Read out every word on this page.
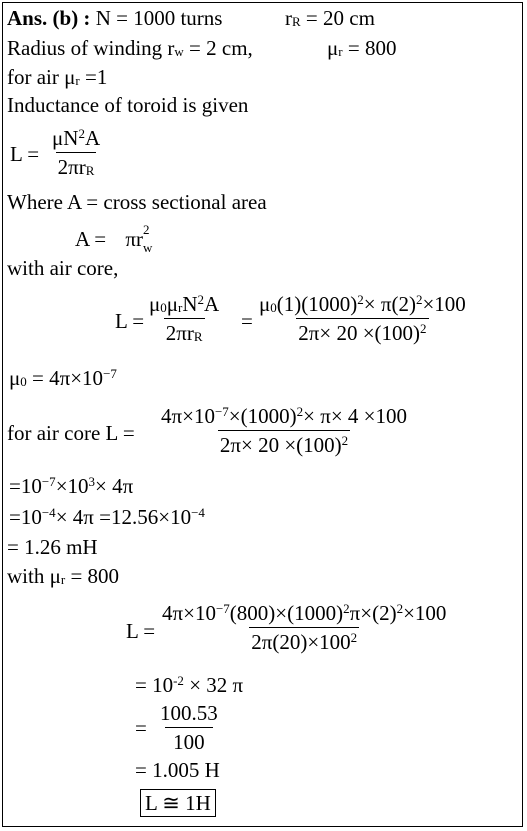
Ans. (b) : N = 1000 turns	$r_R = 20$ cm
Radius of winding $r_w = 2$ cm,	$\mu_r = 800$
for air $\mu_r =1$
Inductance of toroid is given
L =
$\mu N^2A$
$2\pi r_R$
Where A = cross sectional area
A = πr 2
w
with air core,
L =
$\mu_0\mu_rN^2A$
$2\pi r_R$
= $\frac{\mu_0(1)(1000)^2\times \pi(2)^2\times 100}{2\pi\times 20 \times(100)^2}$
$\mu_0 = 4\pi\times 10^{-7}$
for air core $L = \frac{4\pi\times 10^{-7}\times(1000)^2\times \pi\times 4 \times 100}{2\pi\times 20 \times(100)^2}$
$=10^{-7}\times 10^3\times 4\pi$
$=10^{-4}\times 4\pi =12.56\times 10^{-4}$
= 1.26 mH
with $\mu_r = 800$
$L = \frac{4\pi\times 10^{-7}(800)\times(1000)^2\pi\times(2)^2\times 100}{2\pi(20)\times 100^2}$
= $10^{-2} \times 32$ π
= $\frac{100.53}{100}$
= 1.005 H
L ≅ 1H
